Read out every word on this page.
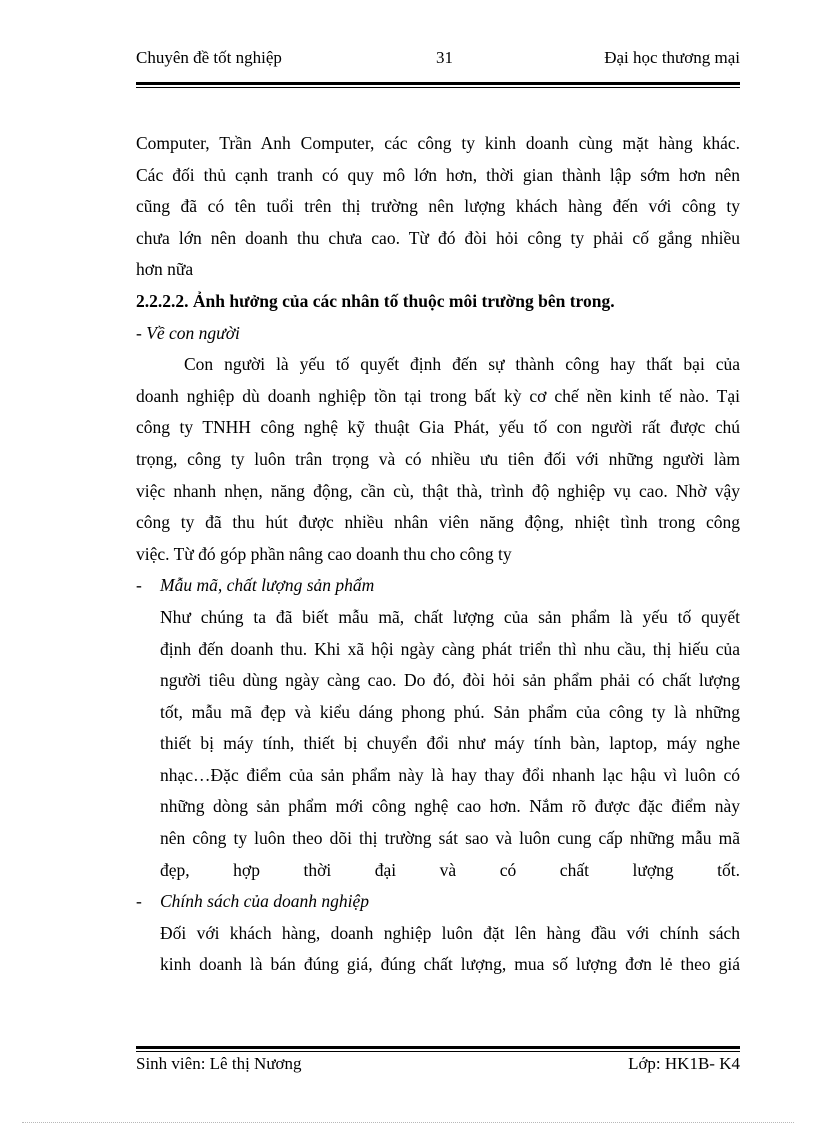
Chuyên đề tốt nghiệp	31	Đại học thương mại

Computer, Trần Anh Computer, các công ty kinh doanh cùng mặt hàng khác.
Các đối thủ cạnh tranh có quy mô lớn hơn, thời gian thành lập sớm hơn nên
cũng đã có tên tuổi trên thị trường nên lượng khách hàng đến với công ty
chưa lớn nên doanh thu chưa cao. Từ đó đòi hỏi công ty phải cố gắng nhiều
hơn nữa

2.2.2.2. Ảnh hưởng của các nhân tố thuộc môi trường bên trong.

- Về con người

Con người là yếu tố quyết định đến sự thành công hay thất bại của
doanh nghiệp dù doanh nghiệp tồn tại trong bất kỳ cơ chế nền kinh tế nào. Tại
công ty TNHH công nghệ kỹ thuật Gia Phát, yếu tố con người rất được chú
trọng, công ty luôn trân trọng và có nhiều ưu tiên đối với những người làm
việc nhanh nhẹn, năng động, cần cù, thật thà, trình độ nghiệp vụ cao. Nhờ vậy
công ty đã thu hút được nhiều nhân viên năng động, nhiệt tình trong công
việc. Từ đó góp phần nâng cao doanh thu cho công ty

- Mẫu mã, chất lượng sản phẩm

Như chúng ta đã biết mẫu mã, chất lượng của sản phẩm là yếu tố quyết
định đến doanh thu. Khi xã hội ngày càng phát triển thì nhu cầu, thị hiếu của
người tiêu dùng ngày càng cao. Do đó, đòi hỏi sản phẩm phải có chất lượng
tốt, mẫu mã đẹp và kiểu dáng phong phú. Sản phẩm của công ty là những
thiết bị máy tính, thiết bị chuyển đổi như máy tính bàn, laptop, máy nghe
nhạc…Đặc điểm của sản phẩm này là hay thay đổi nhanh lạc hậu vì luôn có
những dòng sản phẩm mới công nghệ cao hơn. Nắm rõ được đặc điểm này
nên công ty luôn theo dõi thị trường sát sao và luôn cung cấp những mẫu mã
đẹp, hợp thời đại và có chất lượng tốt.

- Chính sách của doanh nghiệp

Đối với khách hàng, doanh nghiệp luôn đặt lên hàng đầu với chính sách
kinh doanh là bán đúng giá, đúng chất lượng, mua số lượng đơn lẻ theo giá

Sinh viên: Lê thị Nương	Lớp: HK1B- K4
